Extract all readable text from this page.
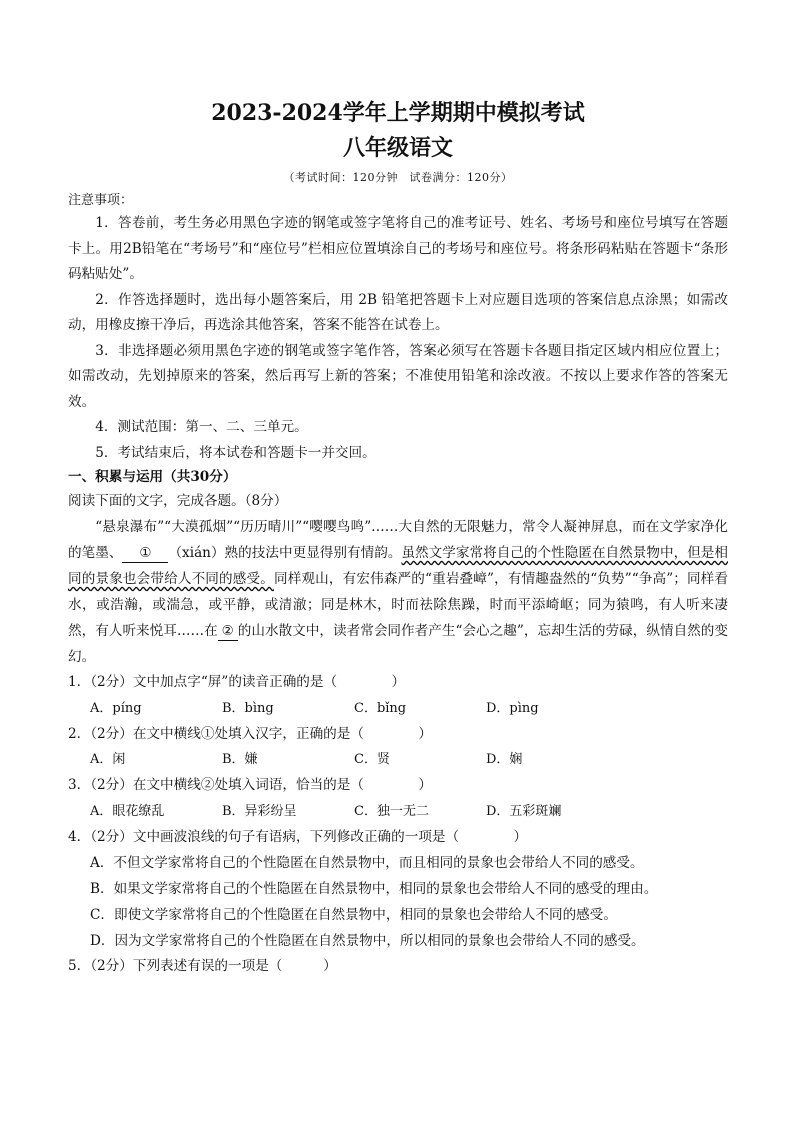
2023-2024学年上学期期中模拟考试
八年级语文
（考试时间：120分钟　试卷满分：120分）
注意事项：

1．答卷前，考生务必用黑色字迹的钢笔或签字笔将自己的准考证号、姓名、考场号和座位号填写在答题卡上。用2B铅笔在“考场号”和“座位号”栏相应位置填涂自己的考场号和座位号。将条形码粘贴在答题卡“条形码粘贴处”。

2．作答选择题时，选出每小题答案后，用 2B 铅笔把答题卡上对应题目选项的答案信息点涂黑；如需改动，用橡皮擦干净后，再选涂其他答案，答案不能答在试卷上。

3．非选择题必须用黑色字迹的钢笔或签字笔作答，答案必须写在答题卡各题目指定区域内相应位置上；如需改动，先划掉原来的答案，然后再写上新的答案；不准使用铅笔和涂改液。不按以上要求作答的答案无效。

4．测试范围：第一、二、三单元。

5．考试结束后，将本试卷和答题卡一并交回。

一、积累与运用（共30分）

阅读下面的文字，完成各题。（8分）

“悬泉瀑布”“大漠孤烟”“历历晴川”“嘤嘤鸟鸣”……大自然的无限魅力，常令人凝神屏息，而在文学家净化的笔墨、 ① （xián）熟的技法中更显得别有情韵。虽然文学家常将自己的个性隐匿在自然景物中，但是相同的景象也会带给人不同的感受。同样观山，有宏伟森严的“重岩叠嶂”，有情趣盎然的“负势”“争高”；同样看水，或浩瀚，或湍急，或平静，或清澈；同是林木，时而祛除焦躁，时而平添崎岖；同为猿鸣，有人听来凄然，有人听来悦耳……在 ② 的山水散文中，读者常会同作者产生“会心之趣”，忘却生活的劳碌，纵情自然的变幻。

1．（2分）文中加点字“屏”的读音正确的是（　　　　）

A．píng	B．bìng	C．bǐng	D．pìng

2．（2分）在文中横线①处填入汉字，正确的是（　　　　）

A．闲	B．嫌	C．贤	D．娴

3．（2分）在文中横线②处填入词语，恰当的是（　　　　）

A．眼花缭乱	B．异彩纷呈	C．独一无二	D．五彩斑斓

4．（2分）文中画波浪线的句子有语病，下列修改正确的一项是（　　　　）

A．不但文学家常将自己的个性隐匿在自然景物中，而且相同的景象也会带给人不同的感受。

B．如果文学家常将自己的个性隐匿在自然景物中，相同的景象也会带给人不同的感受的理由。

C．即使文学家常将自己的个性隐匿在自然景物中，相同的景象也会带给人不同的感受。

D．因为文学家常将自己的个性隐匿在自然景物中，所以相同的景象也会带给人不同的感受。

5．（2分）下列表述有误的一项是（　　　）
